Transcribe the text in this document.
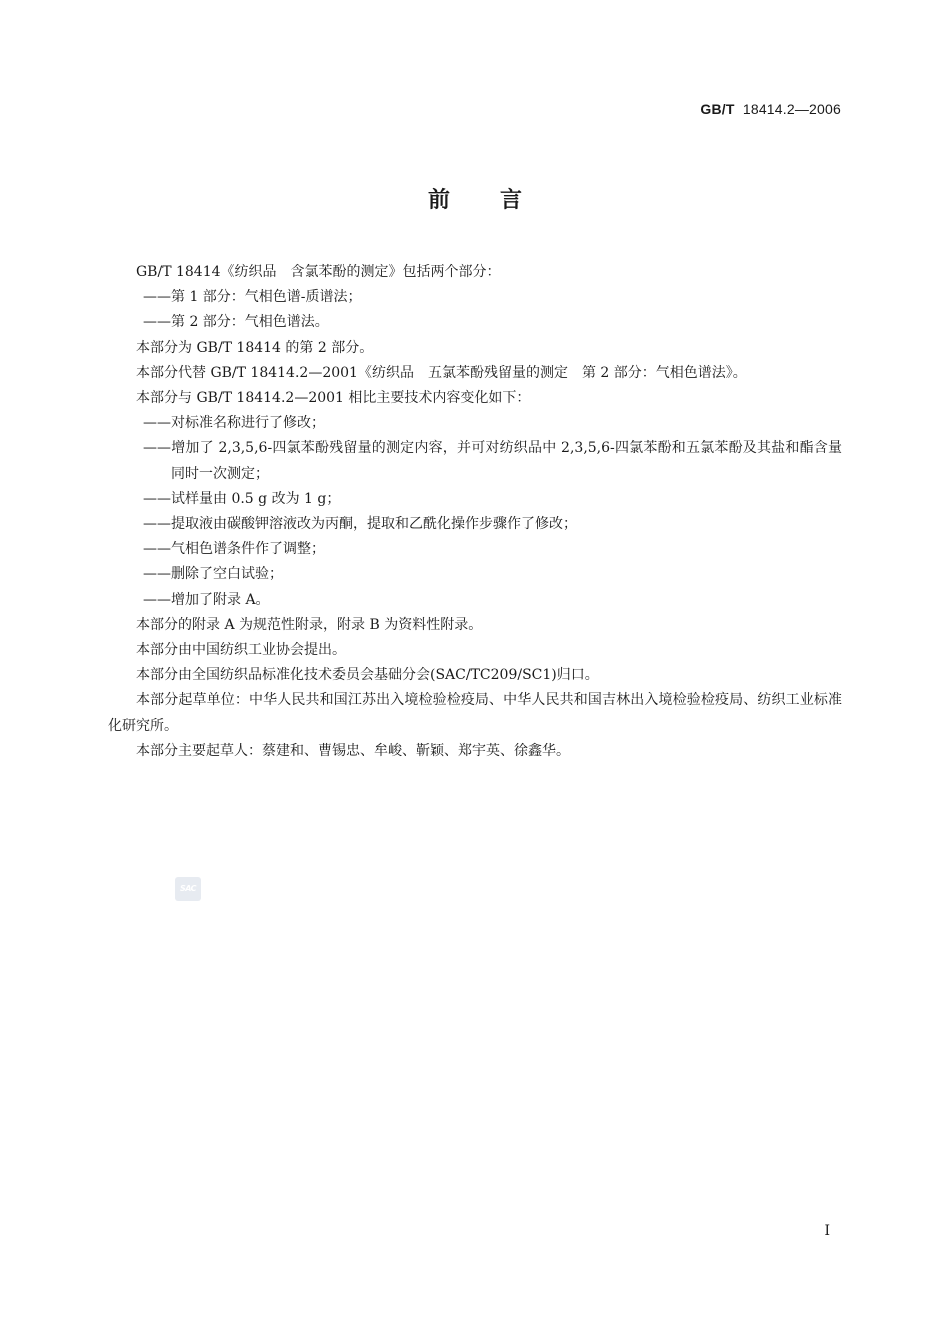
GB/T 18414.2—2006
前言

GB/T 18414《纺织品　含氯苯酚的测定》包括两个部分：

——第 1 部分：气相色谱-质谱法；

——第 2 部分：气相色谱法。

本部分为 GB/T 18414 的第 2 部分。

本部分代替 GB/T 18414.2—2001《纺织品　五氯苯酚残留量的测定　第 2 部分：气相色谱法》。

本部分与 GB/T 18414.2—2001 相比主要技术内容变化如下：

——对标准名称进行了修改；

——增加了 2,3,5,6-四氯苯酚残留量的测定内容，并可对纺织品中 2,3,5,6-四氯苯酚和五氯苯酚及其盐和酯含量同时一次测定；

——试样量由 0.5 g 改为 1 g；

——提取液由碳酸钾溶液改为丙酮，提取和乙酰化操作步骤作了修改；

——气相色谱条件作了调整；

——删除了空白试验；

——增加了附录 A。

本部分的附录 A 为规范性附录，附录 B 为资料性附录。

本部分由中国纺织工业协会提出。

本部分由全国纺织品标准化技术委员会基础分会(SAC/TC209/SC1)归口。

本部分起草单位：中华人民共和国江苏出入境检验检疫局、中华人民共和国吉林出入境检验检疫局、纺织工业标准化研究所。

本部分主要起草人：蔡建和、曹锡忠、牟峻、靳颖、郑宇英、徐鑫华。

SAC
I
